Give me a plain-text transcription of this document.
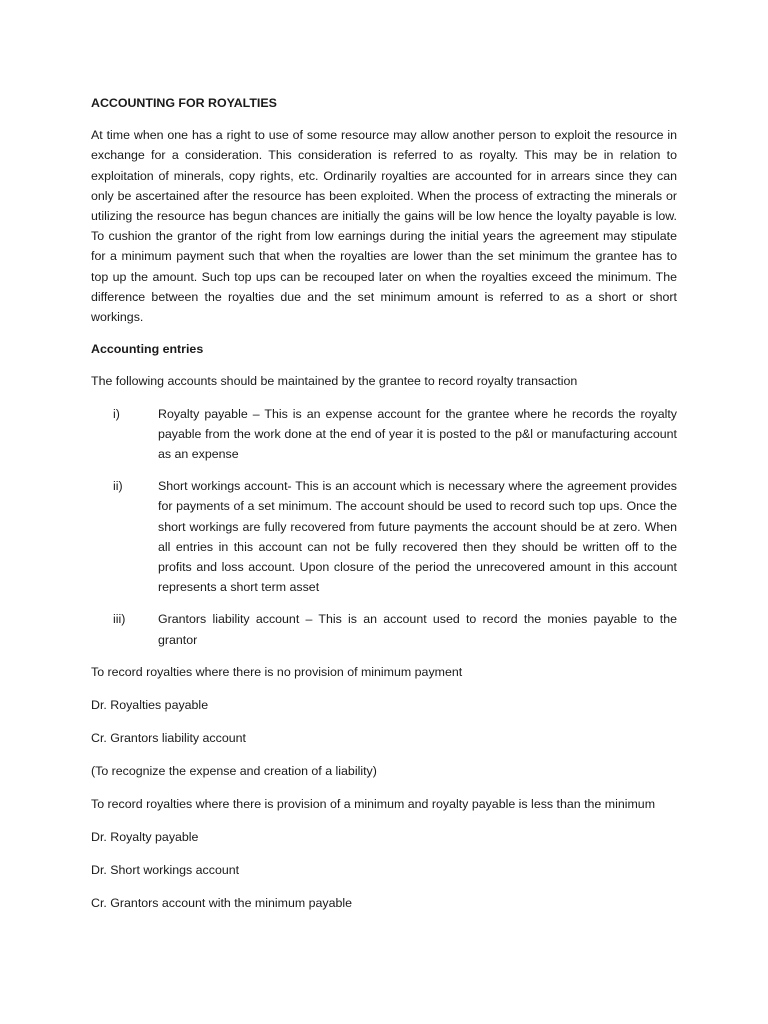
ACCOUNTING FOR ROYALTIES

At time when one has a right to use of some resource may allow another person to exploit the resource in exchange for a consideration. This consideration is referred to as royalty. This may be in relation to exploitation of minerals, copy rights, etc. Ordinarily royalties are accounted for in arrears since they can only be ascertained after the resource has been exploited. When the process of extracting the minerals or utilizing the resource has begun chances are initially the gains will be low hence the loyalty payable is low. To cushion the grantor of the right from low earnings during the initial years the agreement may stipulate for a minimum payment such that when the royalties are lower than the set minimum the grantee has to top up the amount. Such top ups can be recouped later on when the royalties exceed the minimum. The difference between the royalties due and the set minimum amount is referred to as a short or short workings.

Accounting entries

The following accounts should be maintained by the grantee to record royalty transaction

i)	Royalty payable – This is an expense account for the grantee where he records the royalty payable from the work done at the end of year it is posted to the p&l or manufacturing account as an expense
ii)	Short workings account- This is an account which is necessary where the agreement provides for payments of a set minimum. The account should be used to record such top ups. Once the short workings are fully recovered from future payments the account should be at zero. When all entries in this account can not be fully recovered then they should be written off to the profits and loss account. Upon closure of the period the unrecovered amount in this account represents a short term asset
iii)	Grantors liability account – This is an account used to record the monies payable to the grantor
To record royalties where there is no provision of minimum payment
Dr. Royalties payable
Cr. Grantors liability account
(To recognize the expense and creation of a liability)
To record royalties where there is provision of a minimum and royalty payable is less than the minimum
Dr. Royalty payable
Dr. Short workings account
Cr. Grantors account with the minimum payable
